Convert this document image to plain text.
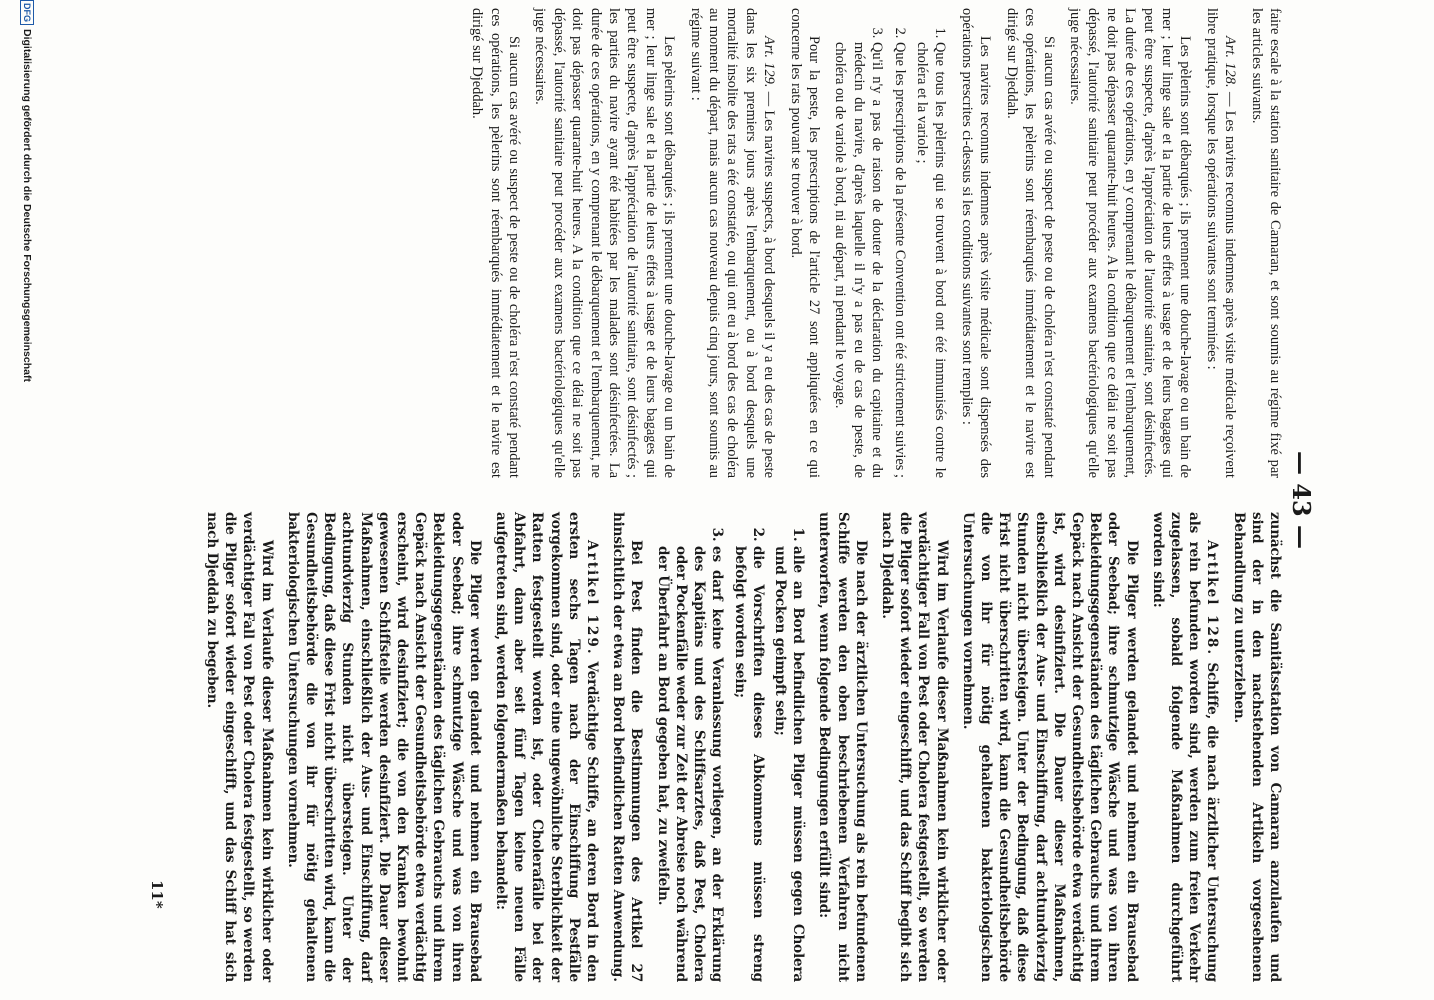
— 43 —

faire escale à la station sanitaire de Camaran, et sont soumis au régime fixé par les articles suivants.

Art. 128. — Les navires reconnus indemnes après visite médicale reçoivent libre pratique, lorsque les opérations suivantes sont terminées :

Les pèlerins sont débarqués ; ils prennent une douche-lavage ou un bain de mer ; leur linge sale et la partie de leurs effets à usage et de leurs bagages qui peut être suspecte, d'après l'appréciation de l'autorité sanitaire, sont désinfectés. La durée de ces opérations, en y comprenant le débarquement et l'embarquement, ne doit pas dépasser quarante-huit heures. A la condition que ce délai ne soit pas dépassé, l'autorité sanitaire peut procéder aux examens bactériologiques qu'elle juge nécessaires.

Si aucun cas avéré ou suspect de peste ou de choléra n'est constaté pendant ces opérations, les pèlerins sont réembarqués immédiatement et le navire est dirigé sur Djeddah.

Les navires reconnus indemnes après visite médicale sont dispensés des opérations prescrites ci-dessus si les conditions suivantes sont remplies :

1. Que tous les pèlerins qui se trouvent à bord ont été immunisés contre le choléra et la variole ;
2. Que les prescriptions de la présente Convention ont été strictement suivies ;
3. Qu'il n'y a pas de raison de douter de la déclaration du capitaine et du médecin du navire, d'après laquelle il n'y a pas eu de cas de peste, de choléra ou de variole à bord, ni au départ, ni pendant le voyage.

Pour la peste, les prescriptions de l'article 27 sont appliquées en ce qui concerne les rats pouvant se trouver à bord.

Art. 129. — Les navires suspects, à bord desquels il y a eu des cas de peste dans les six premiers jours après l'embarquement, ou à bord desquels une mortalité insolite des rats a été constatée, ou qui ont eu à bord des cas de choléra au moment du départ, mais aucun cas nouveau depuis cinq jours, sont soumis au régime suivant :

Les pèlerins sont débarqués ; ils prennent une douche-lavage ou un bain de mer ; leur linge sale et la partie de leurs effets à usage et de leurs bagages qui peut être suspecte, d'après l'appréciation de l'autorité sanitaire, sont désinfectés ; les parties du navire ayant été habitées par les malades sont désinfectées. La durée de ces opérations, en y comprenant le débarquement et l'embarquement, ne doit pas dépasser quarante-huit heures. A la condition que ce délai ne soit pas dépassé, l'autorité sanitaire peut procéder aux examens bactériologiques qu'elle juge nécessaires.

Si aucun cas avéré ou suspect de peste ou de choléra n'est constaté pendant ces opérations, les pèlerins sont réembarqués immédiatement et le navire est dirigé sur Djeddah.

zunächst die Sanitätsstation von Camaran anzulaufen und sind der in den nachstehenden Artikeln vorgesehenen Behandlung zu unterziehen.

Artikel 128. Schiffe, die nach ärztlicher Untersuchung als rein befunden worden sind, werden zum freien Verkehr zugelassen, sobald folgende Maßnahmen durchgeführt worden sind:

Die Pilger werden gelandet und nehmen ein Brausebad oder Seebad; ihre schmutzige Wäsche und was von ihren Bekleidungsgegenständen des täglichen Gebrauchs und ihrem Gepäck nach Ansicht der Gesundheitsbehörde etwa verdächtig ist, wird desinfiziert. Die Dauer dieser Maßnahmen, einschließlich der Aus- und Einschiffung, darf achtundvierzig Stunden nicht übersteigen. Unter der Bedingung, daß diese Frist nicht überschritten wird, kann die Gesundheitsbehörde die von ihr für nötig gehaltenen bakteriologischen Untersuchungen vornehmen.

Wird im Verlaufe dieser Maßnahmen kein wirklicher oder verdächtiger Fall von Pest oder Cholera festgestellt, so werden die Pilger sofort wieder eingeschifft, und das Schiff begibt sich nach Djeddah.

Die nach der ärztlichen Untersuchung als rein befundenen Schiffe werden den oben beschriebenen Verfahren nicht unterworfen, wenn folgende Bedingungen erfüllt sind:

1. alle an Bord befindlichen Pilger müssen gegen Cholera und Pocken geimpft sein;
2. die Vorschriften dieses Abkommens müssen streng befolgt worden sein;
3. es darf keine Veranlassung vorliegen, an der Erklärung des Kapitäns und des Schiffsarztes, daß Pest, Cholera oder Pockenfälle weder zur Zeit der Abreise noch während der Überfahrt an Bord gegeben hat, zu zweifeln.

Bei Pest finden die Bestimmungen des Artikel 27 hinsichtlich der etwa an Bord befindlichen Ratten Anwendung.

Artikel 129. Verdächtige Schiffe, an deren Bord in den ersten sechs Tagen nach der Einschiffung Pestfälle vorgekommen sind, oder eine ungewöhnliche Sterblichkeit der Ratten festgestellt worden ist, oder Cholerafälle bei der Abfahrt, dann aber seit fünf Tagen keine neuen Fälle aufgetreten sind, werden folgendermaßen behandelt:

Die Pilger werden gelandet und nehmen ein Brausebad oder Seebad; ihre schmutzige Wäsche und was von ihren Bekleidungsgegenständen des täglichen Gebrauchs und ihrem Gepäck nach Ansicht der Gesundheitsbehörde etwa verdächtig erscheint, wird desinfiziert; die von den Kranken bewohnt gewesenen Schiffsteile werden desinfiziert. Die Dauer dieser Maßnahmen, einschließlich der Aus- und Einschiffung, darf achtundvierzig Stunden nicht übersteigen. Unter der Bedingung, daß diese Frist nicht überschritten wird, kann die Gesundheitsbehörde die von ihr für nötig gehaltenen bakteriologischen Untersuchungen vornehmen.

Wird im Verlaufe dieser Maßnahmen kein wirklicher oder verdächtiger Fall von Pest oder Cholera festgestellt, so werden die Pilger sofort wieder eingeschifft, und das Schiff hat sich nach Djeddah zu begeben.

11*
DFG
Digitalisierung gefördert durch die Deutsche Forschungsgemeinschaft
